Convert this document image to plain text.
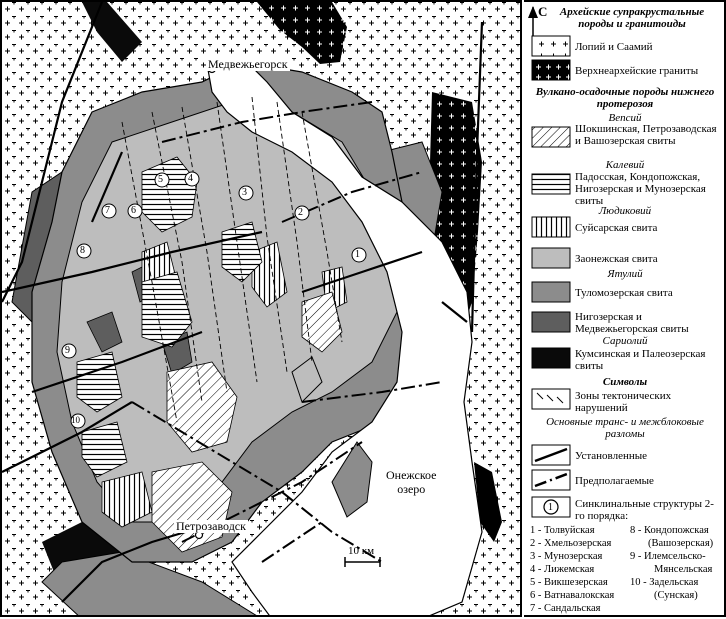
1
2
3
4
5
6
7
8
9
10
Медвежьегорск
Петрозаводск
Онежское
озеро
10 км
С	Архейские супракрустальные породы и гранитоиды
Лопий и Саамий
Верхнеархейские граниты
Вулкано-осадочные породы нижнего протерозоя
Вепсий
Шокшинская, Петрозаводская и Вашозерская свиты
Калевий
Падосская, Кондопожская, Нигозерская и Мунозерская свиты
Людиковий
Суйсарская свита
Заонежская свита
Ятулий
Туломозерская свита
Нигозерская и Медвежьегорская свиты
Сариолий
Кумсинская и Палеозерская свиты
Символы
Зоны тектонических нарушений
Основные транс- и межблоковые разломы
Установленные
Предполагаемые
1 Синклинальные структуры 2-го порядка:
1 - Толвуйская
2 - Хмельозерская
3 - Мунозерская
4 - Лижемская
5 - Викшезерская
6 - Ватнавалокская
7 - Сандальская
8 - Кондопожская
(Вашозерская)
9 - Илемсельско-
Мянсельская
10 - Задельская
(Сунская)
